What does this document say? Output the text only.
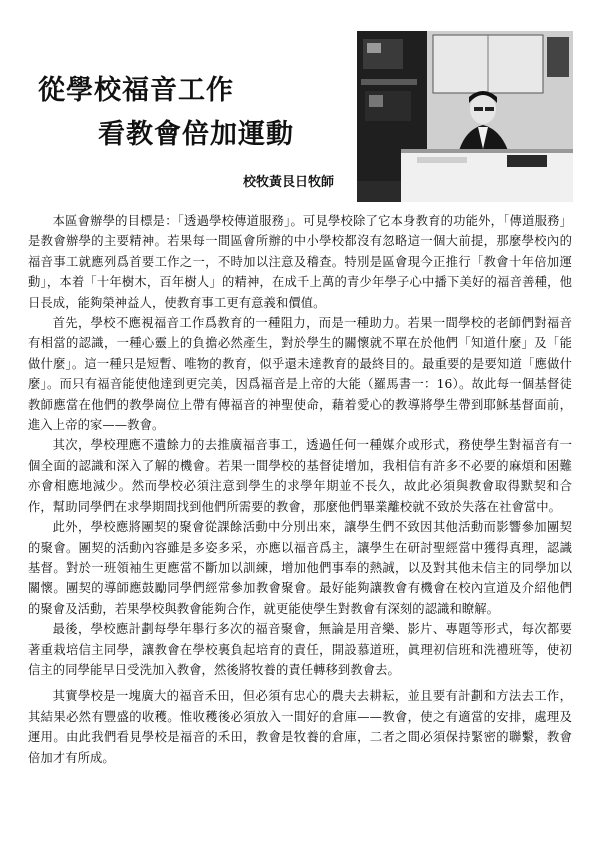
從學校福音工作
看教會倍加運動
校牧黃艮日牧師

本區會辦學的目標是：「透過學校傳道服務」。可見學校除了它本身教育的功能外，「傳道服務」是教會辦學的主要精神。若果每一間區會所辦的中小學校都沒有忽略這一個大前提，那麼學校內的福音事工就應列爲首要工作之一，不時加以注意及稽查。特別是區會現今正推行「教會十年倍加運動」，本着「十年樹木，百年樹人」的精神，在成千上萬的青少年學子心中播下美好的福音善種，他日長成，能夠榮神益人，使教育事工更有意義和價值。

首先，學校不應視福音工作爲教育的一種阻力，而是一種助力。若果一間學校的老師們對福音有相當的認識，一種心靈上的負擔必然產生，對於學生的關懷就不單在於他們「知道什麼」及「能做什麼」。這一種只是短暫、唯物的教育，似乎還未達教育的最終目的。最重要的是要知道「應做什麼」。而只有福音能使他達到更完美，因爲福音是上帝的大能（羅馬書一：16）。故此每一個基督徒教師應當在他們的教學崗位上帶有傳福音的神聖使命，藉着愛心的教導將學生帶到耶穌基督面前，進入上帝的家——教會。

其次，學校理應不遺餘力的去推廣福音事工，透過任何一種媒介或形式，務使學生對福音有一個全面的認識和深入了解的機會。若果一間學校的基督徒增加，我相信有許多不必要的麻煩和困難亦會相應地減少。然而學校必須注意到學生的求學年期並不長久，故此必須與教會取得默契和合作，幫助同學們在求學期間找到他們所需要的教會，那麼他們畢業離校就不致於失落在社會當中。

此外，學校應將團契的聚會從課餘活動中分別出來，讓學生們不致因其他活動而影響參加團契的聚會。團契的活動內容雖是多姿多采，亦應以福音爲主，讓學生在研討聖經當中獲得真理，認識基督。對於一班領袖生更應當不斷加以訓練，增加他們事奉的熱誠，以及對其他未信主的同學加以關懷。團契的導師應鼓勵同學們經常參加教會聚會。最好能夠讓教會有機會在校內宣道及介紹他們的聚會及活動，若果學校與教會能夠合作，就更能使學生對教會有深刻的認識和瞭解。

最後，學校應計劃每學年舉行多次的福音聚會，無論是用音樂、影片、專題等形式，每次都要著重栽培信主同學，讓教會在學校裏負起培育的責任，開設慕道班，眞理初信班和洗禮班等，使初信主的同學能早日受洗加入教會，然後將牧養的責任轉移到教會去。

其實學校是一塊廣大的福音禾田，但必須有忠心的農夫去耕耘，並且要有計劃和方法去工作，其結果必然有豐盛的收穫。惟收穫後必須放入一間好的倉庫——教會，使之有適當的安排，處理及運用。由此我們看見學校是福音的禾田，教會是牧養的倉庫，二者之間必須保持緊密的聯繫，教會倍加才有所成。
